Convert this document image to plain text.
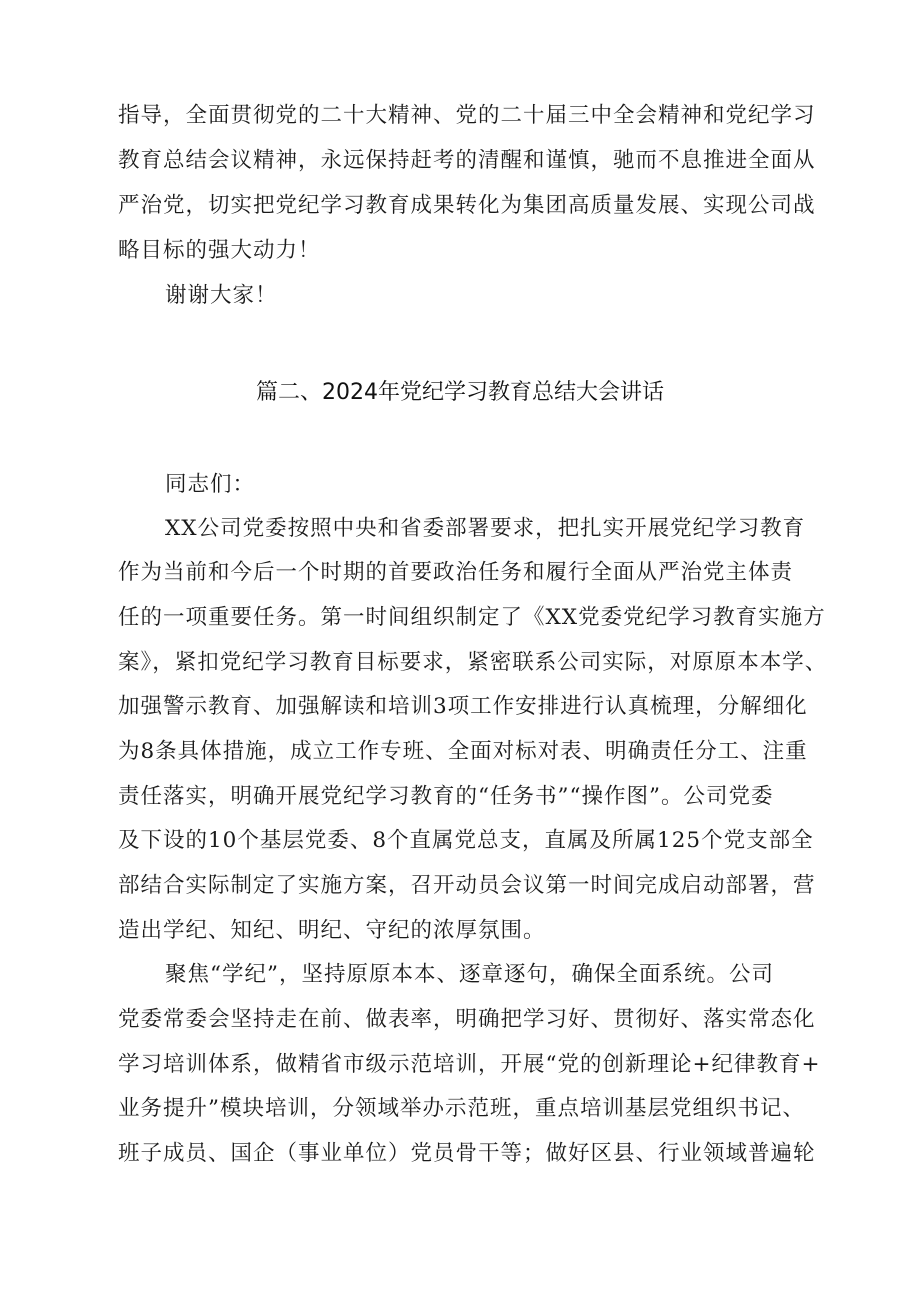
指导，全面贯彻党的二十大精神、党的二十届三中全会精神和党纪学习
教育总结会议精神，永远保持赶考的清醒和谨慎，驰而不息推进全面从
严治党，切实把党纪学习教育成果转化为集团高质量发展、实现公司战
略目标的强大动力！
谢谢大家！
篇二、2024年党纪学习教育总结大会讲话
同志们：
XX公司党委按照中央和省委部署要求，把扎实开展党纪学习教育
作为当前和今后一个时期的首要政治任务和履行全面从严治党主体责
任的一项重要任务。第一时间组织制定了《XX党委党纪学习教育实施方
案》，紧扣党纪学习教育目标要求，紧密联系公司实际，对原原本本学、
加强警示教育、加强解读和培训3项工作安排进行认真梳理，分解细化
为8条具体措施，成立工作专班、全面对标对表、明确责任分工、注重
责任落实，明确开展党纪学习教育的“任务书”“操作图”。公司党委
及下设的10个基层党委、8个直属党总支，直属及所属125个党支部全
部结合实际制定了实施方案，召开动员会议第一时间完成启动部署，营
造出学纪、知纪、明纪、守纪的浓厚氛围。
聚焦“学纪”，坚持原原本本、逐章逐句，确保全面系统。公司
党委常委会坚持走在前、做表率，明确把学习好、贯彻好、落实常态化
学习培训体系，做精省市级示范培训，开展“党的创新理论+纪律教育+
业务提升”模块培训，分领域举办示范班，重点培训基层党组织书记、
班子成员、国企（事业单位）党员骨干等；做好区县、行业领域普遍轮
